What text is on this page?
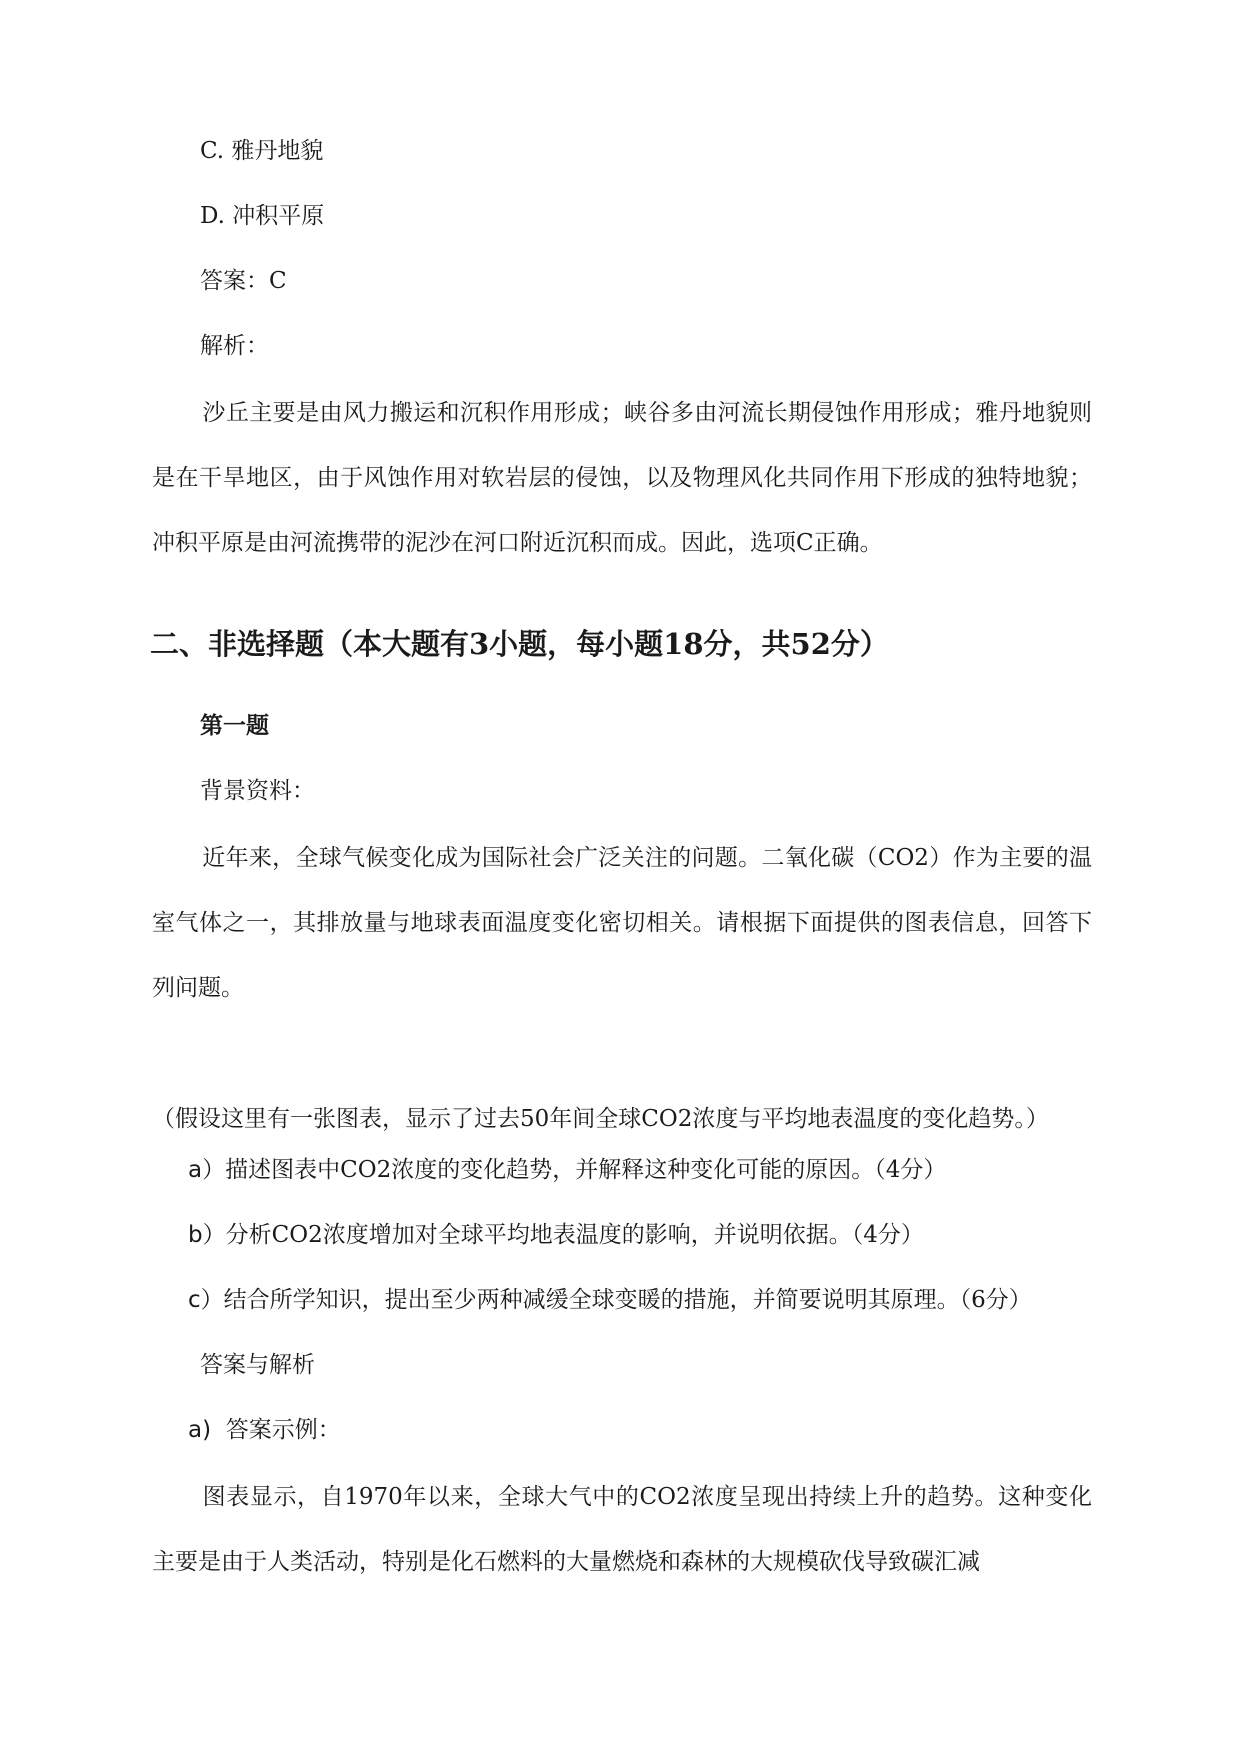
C. 雅丹地貌
D. 冲积平原
答案：C
解析：
沙丘主要是由风力搬运和沉积作用形成；峡谷多由河流长期侵蚀作用形成；雅丹地貌则是在干旱地区，由于风蚀作用对软岩层的侵蚀，以及物理风化共同作用下形成的独特地貌；冲积平原是由河流携带的泥沙在河口附近沉积而成。因此，选项C正确。
二、非选择题（本大题有3小题，每小题18分，共52分）
第一题
背景资料：
近年来，全球气候变化成为国际社会广泛关注的问题。二氧化碳（CO2）作为主要的温室气体之一，其排放量与地球表面温度变化密切相关。请根据下面提供的图表信息，回答下列问题。
（假设这里有一张图表，显示了过去50年间全球CO2浓度与平均地表温度的变化趋势。）
a）描述图表中CO2浓度的变化趋势，并解释这种变化可能的原因。（4分）
b）分析CO2浓度增加对全球平均地表温度的影响，并说明依据。（4分）
c）结合所学知识，提出至少两种减缓全球变暖的措施，并简要说明其原理。（6分）
答案与解析
a) 答案示例：
图表显示，自1970年以来，全球大气中的CO2浓度呈现出持续上升的趋势。这种变化主要是由于人类活动，特别是化石燃料的大量燃烧和森林的大规模砍伐导致碳汇减
